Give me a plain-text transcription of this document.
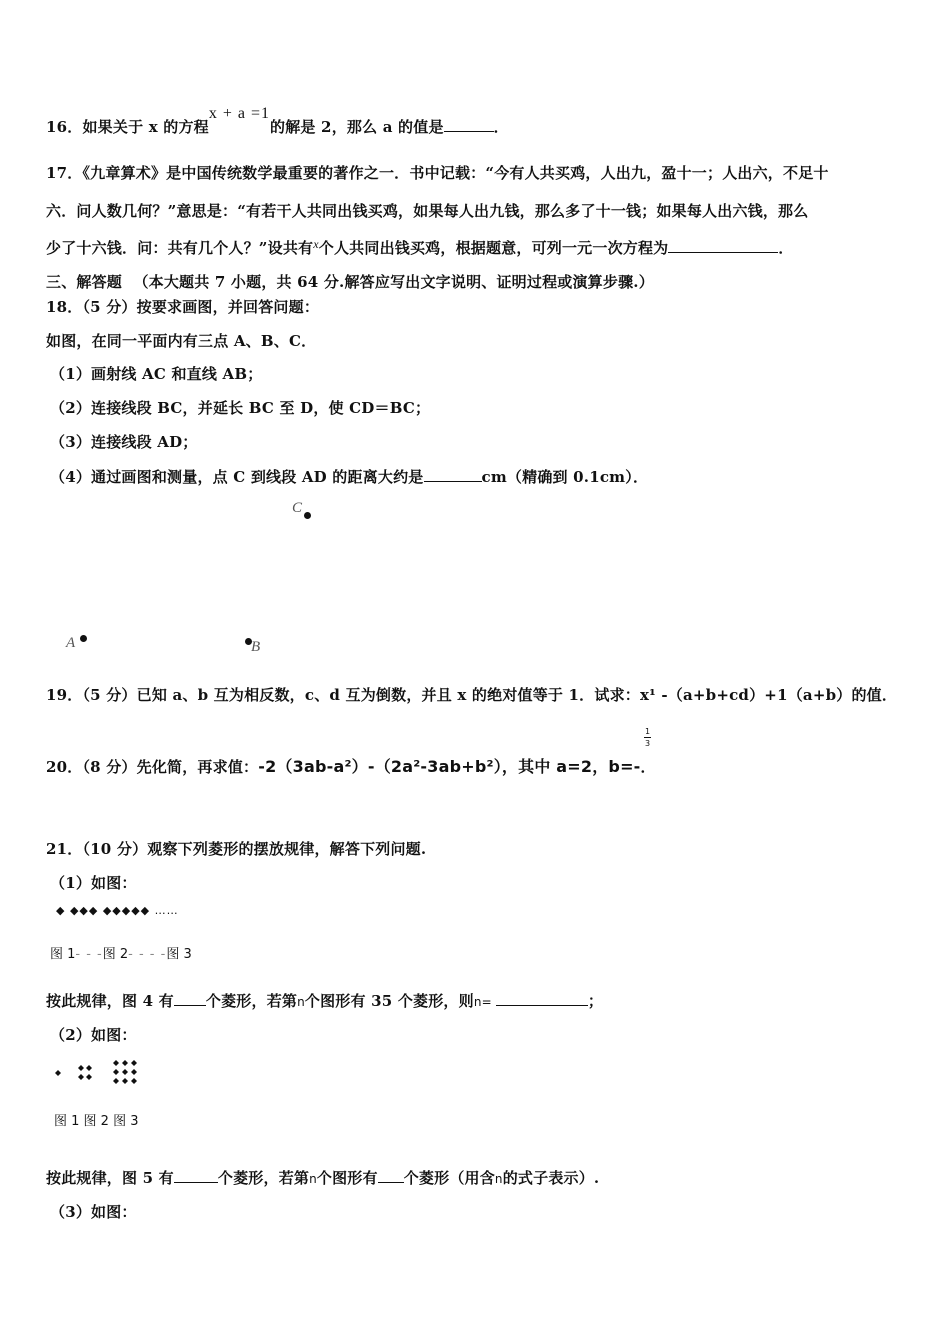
16．如果关于 x 的方程x + a =1的解是 2，那么 a 的值是	．
17．《九章算术》是中国传统数学最重要的著作之一．书中记载：“今有人共买鸡，人出九，盈十一；人出六，不足十
六．问人数几何？”意思是：“有若干人共同出钱买鸡，如果每人出九钱，那么多了十一钱；如果每人出六钱，那么
少了十六钱．问：共有几个人？”设共有$^x$个人共同出钱买鸡，根据题意，可列一元一次方程为	．
三、解答题 （本大题共 7 小题，共 64 分.解答应写出文字说明、证明过程或演算步骤.）
18．（5 分）按要求画图，并回答问题：
如图，在同一平面内有三点 A、B、C．
（1）画射线 AC 和直线 AB；
（2）连接线段 BC，并延长 BC 至 D，使 CD＝BC；
（3）连接线段 AD；
（4）通过画图和测量，点 C 到线段 AD 的距离大约是	cm（精确到 0.1cm）．
C
A	B
19．（5 分）已知 a、b 互为相反数，c、d 互为倒数，并且 x 的绝对值等于 1．试求：x¹ -（a+b+cd）+1（a+b）的值．
1
3
20．（8 分）先化简，再求值：-2（3ab-a²）-（2a²-3ab+b²），其中 a=2，b=-．
21．（10 分）观察下列菱形的摆放规律，解答下列问题.
（1）如图：
◆ ◆◆◆ ◆◆◆◆◆ ……
图 1- - -图 2- - - -图 3
按此规律，图 4 有 个菱形，若第n个图形有 35 个菱形，则n=	；
（2）如图：
图 1 图 2 图 3
按此规律，图 5 有	个菱形，若第n个图形有 个菱形（用含n的式子表示）.
（3）如图：
